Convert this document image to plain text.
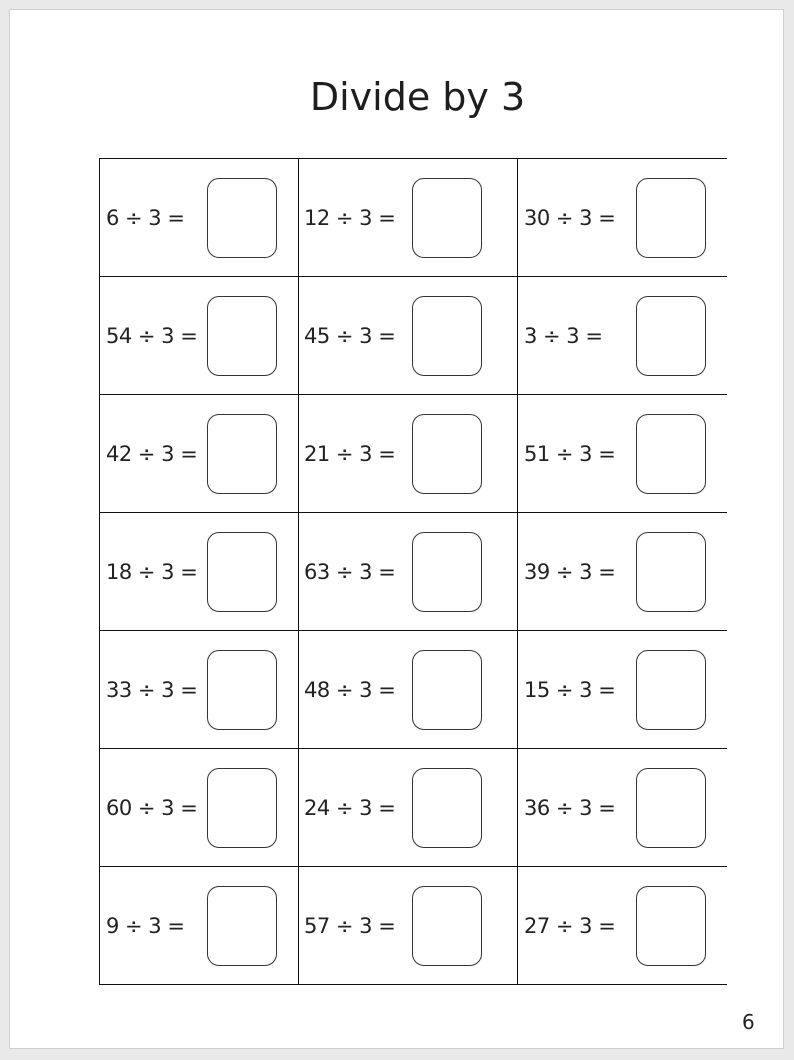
Divide by 3
6 ÷ 3 =	12 ÷ 3 =	30 ÷ 3 =

54 ÷ 3 =	45 ÷ 3 =	3 ÷ 3 =

42 ÷ 3 =	21 ÷ 3 =	51 ÷ 3 =

18 ÷ 3 =	63 ÷ 3 =	39 ÷ 3 =

33 ÷ 3 =	48 ÷ 3 =	15 ÷ 3 =

60 ÷ 3 =	24 ÷ 3 =	36 ÷ 3 =

9 ÷ 3 =	57 ÷ 3 =	27 ÷ 3 =
6
